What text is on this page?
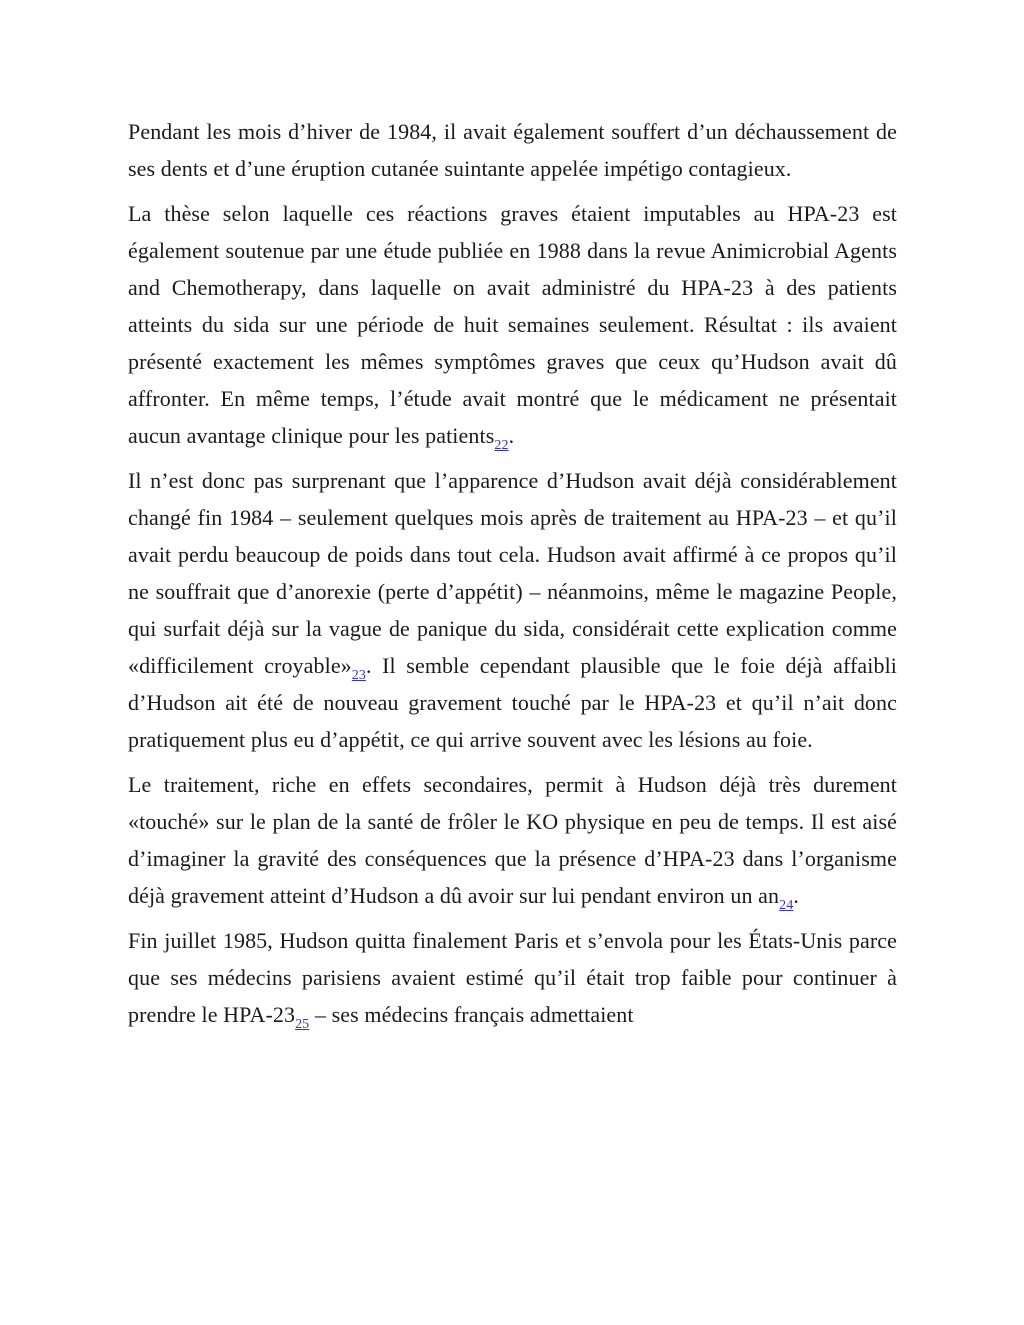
Pendant les mois d’hiver de 1984, il avait également souffert d’un déchaussement de ses dents et d’une éruption cutanée suintante appelée impétigo contagieux.

La thèse selon laquelle ces réactions graves étaient imputables au HPA-23 est également soutenue par une étude publiée en 1988 dans la revue Animicrobial Agents and Chemotherapy, dans laquelle on avait administré du HPA-23 à des patients atteints du sida sur une période de huit semaines seulement. Résultat : ils avaient présenté exactement les mêmes symptômes graves que ceux qu’Hudson avait dû affronter. En même temps, l’étude avait montré que le médicament ne présentait aucun avantage clinique pour les patients$_{22}$.

Il n’est donc pas surprenant que l’apparence d’Hudson avait déjà considérablement changé fin 1984 – seulement quelques mois après de traitement au HPA-23 – et qu’il avait perdu beaucoup de poids dans tout cela. Hudson avait affirmé à ce propos qu’il ne souffrait que d’anorexie (perte d’appétit) – néanmoins, même le magazine People, qui surfait déjà sur la vague de panique du sida, considérait cette explication comme «difficilement $croyable»_{23}$. Il semble cependant plausible que le foie déjà affaibli d’Hudson ait été de nouveau gravement touché par le HPA-23 et qu’il n’ait donc pratiquement plus eu d’appétit, ce qui arrive souvent avec les lésions au foie.

Le traitement, riche en effets secondaires, permit à Hudson déjà très durement «touché» sur le plan de la santé de frôler le KO physique en peu de temps. Il est aisé d’imaginer la gravité des conséquences que la présence d’HPA-23 dans l’organisme déjà gravement atteint d’Hudson a dû avoir sur lui pendant environ un $an_{24}$.

Fin juillet 1985, Hudson quitta finalement Paris et s’envola pour les États-Unis parce que ses médecins parisiens avaient estimé qu’il était trop faible pour continuer à prendre le HPA-$23_{25}$ – ses médecins français admettaient
